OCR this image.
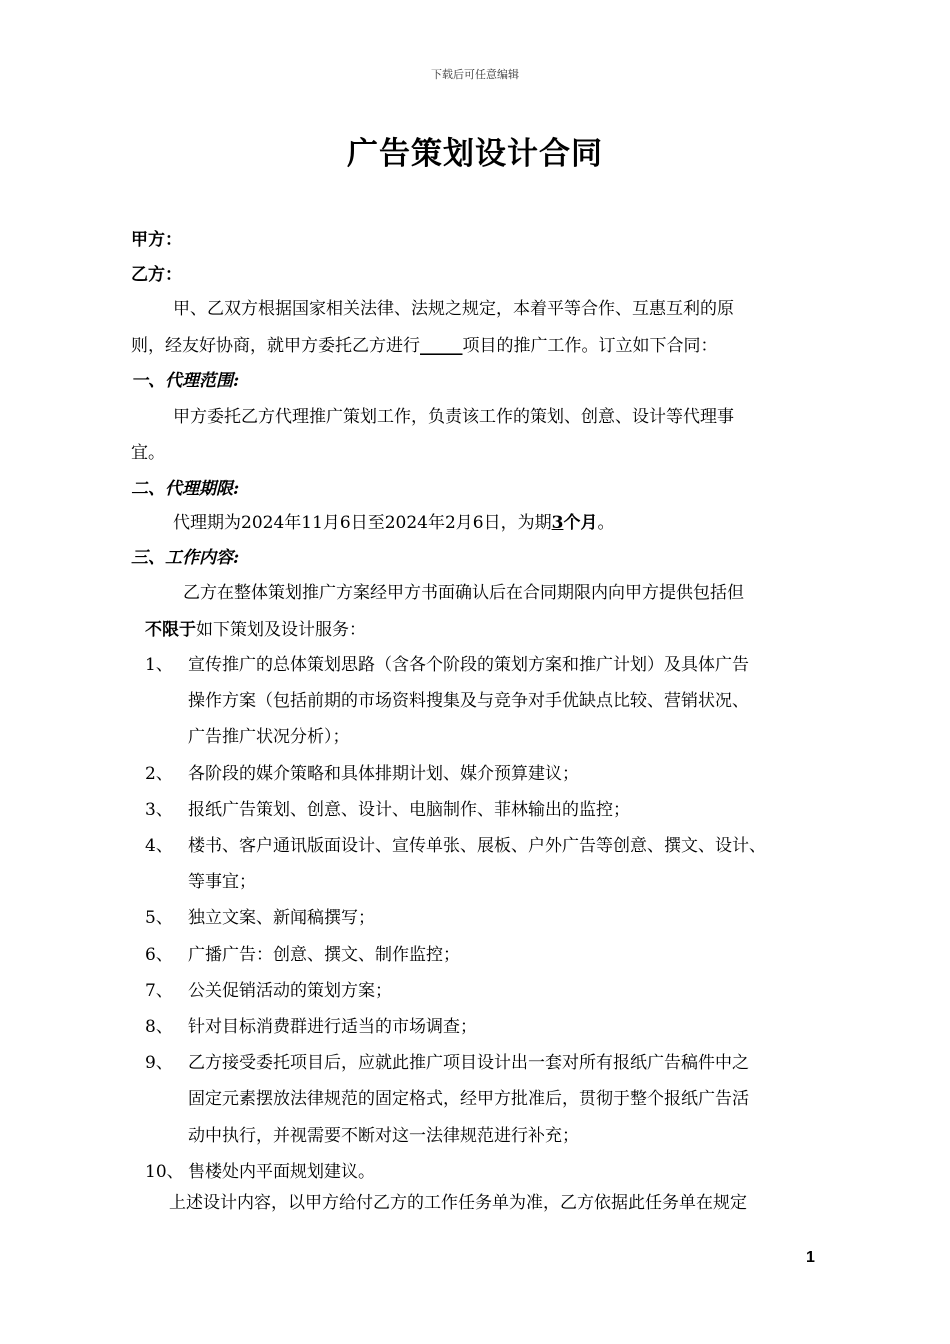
下载后可任意编辑
广告策划设计合同
甲方：
乙方：
甲、乙双方根据国家相关法律、法规之规定，本着平等合作、互惠互利的原
则，经友好协商，就甲方委托乙方进行_____项目的推广工作。订立如下合同：
一、代理范围:
甲方委托乙方代理推广策划工作，负责该工作的策划、创意、设计等代理事
宜。
二、代理期限:
代理期为2024年11月6日至2024年2月6日，为期3个月。
三、工作内容:
乙方在整体策划推广方案经甲方书面确认后在合同期限内向甲方提供包括但
不限于如下策划及设计服务：
1、 宣传推广的总体策划思路（含各个阶段的策划方案和推广计划）及具体广告
操作方案（包括前期的市场资料搜集及与竞争对手优缺点比较、营销状况、
广告推广状况分析）；
2、 各阶段的媒介策略和具体排期计划、媒介预算建议；
3、 报纸广告策划、创意、设计、电脑制作、菲林输出的监控；
4、 楼书、客户通讯版面设计、宣传单张、展板、户外广告等创意、撰文、设计、
等事宜；
5、 独立文案、新闻稿撰写；
6、 广播广告：创意、撰文、制作监控；
7、 公关促销活动的策划方案；
8、 针对目标消费群进行适当的市场调查；
9、 乙方接受委托项目后，应就此推广项目设计出一套对所有报纸广告稿件中之
固定元素摆放法律规范的固定格式，经甲方批准后，贯彻于整个报纸广告活
动中执行，并视需要不断对这一法律规范进行补充；
10、 售楼处内平面规划建议。
上述设计内容，以甲方给付乙方的工作任务单为准，乙方依据此任务单在规定
1
